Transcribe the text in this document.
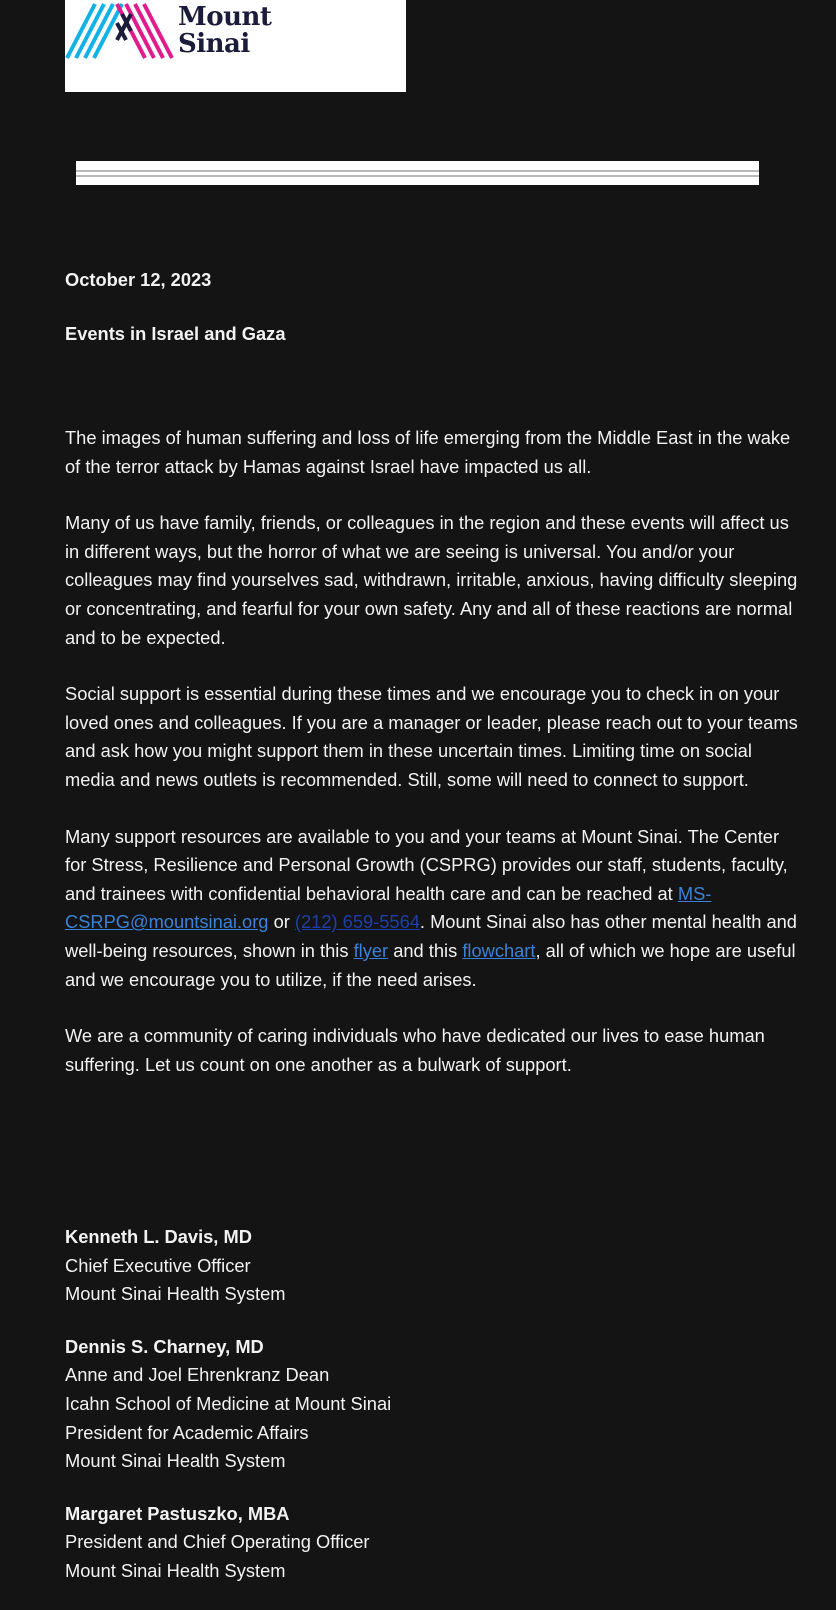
Mount
Sinai

October 12, 2023

Events in Israel and Gaza

The images of human suffering and loss of life emerging from the Middle East in the wake of the terror attack by Hamas against Israel have impacted us all.

Many of us have family, friends, or colleagues in the region and these events will affect us in different ways, but the horror of what we are seeing is universal. You and/or your colleagues may find yourselves sad, withdrawn, irritable, anxious, having difficulty sleeping or concentrating, and fearful for your own safety. Any and all of these reactions are normal and to be expected.

Social support is essential during these times and we encourage you to check in on your loved ones and colleagues. If you are a manager or leader, please reach out to your teams and ask how you might support them in these uncertain times. Limiting time on social media and news outlets is recommended. Still, some will need to connect to support.

Many support resources are available to you and your teams at Mount Sinai. The Center for Stress, Resilience and Personal Growth (CSPRG) provides our staff, students, faculty, and trainees with confidential behavioral health care and can be reached at MS-CSRPG@mountsinai.org or (212) 659-5564. Mount Sinai also has other mental health and well-being resources, shown in this flyer and this flowchart, all of which we hope are useful and we encourage you to utilize, if the need arises.

We are a community of caring individuals who have dedicated our lives to ease human suffering. Let us count on one another as a bulwark of support.

Kenneth L. Davis, MD
Chief Executive Officer
Mount Sinai Health System
Dennis S. Charney, MD
Anne and Joel Ehrenkranz Dean
Icahn School of Medicine at Mount Sinai
President for Academic Affairs
Mount Sinai Health System
Margaret Pastuszko, MBA
President and Chief Operating Officer
Mount Sinai Health System
